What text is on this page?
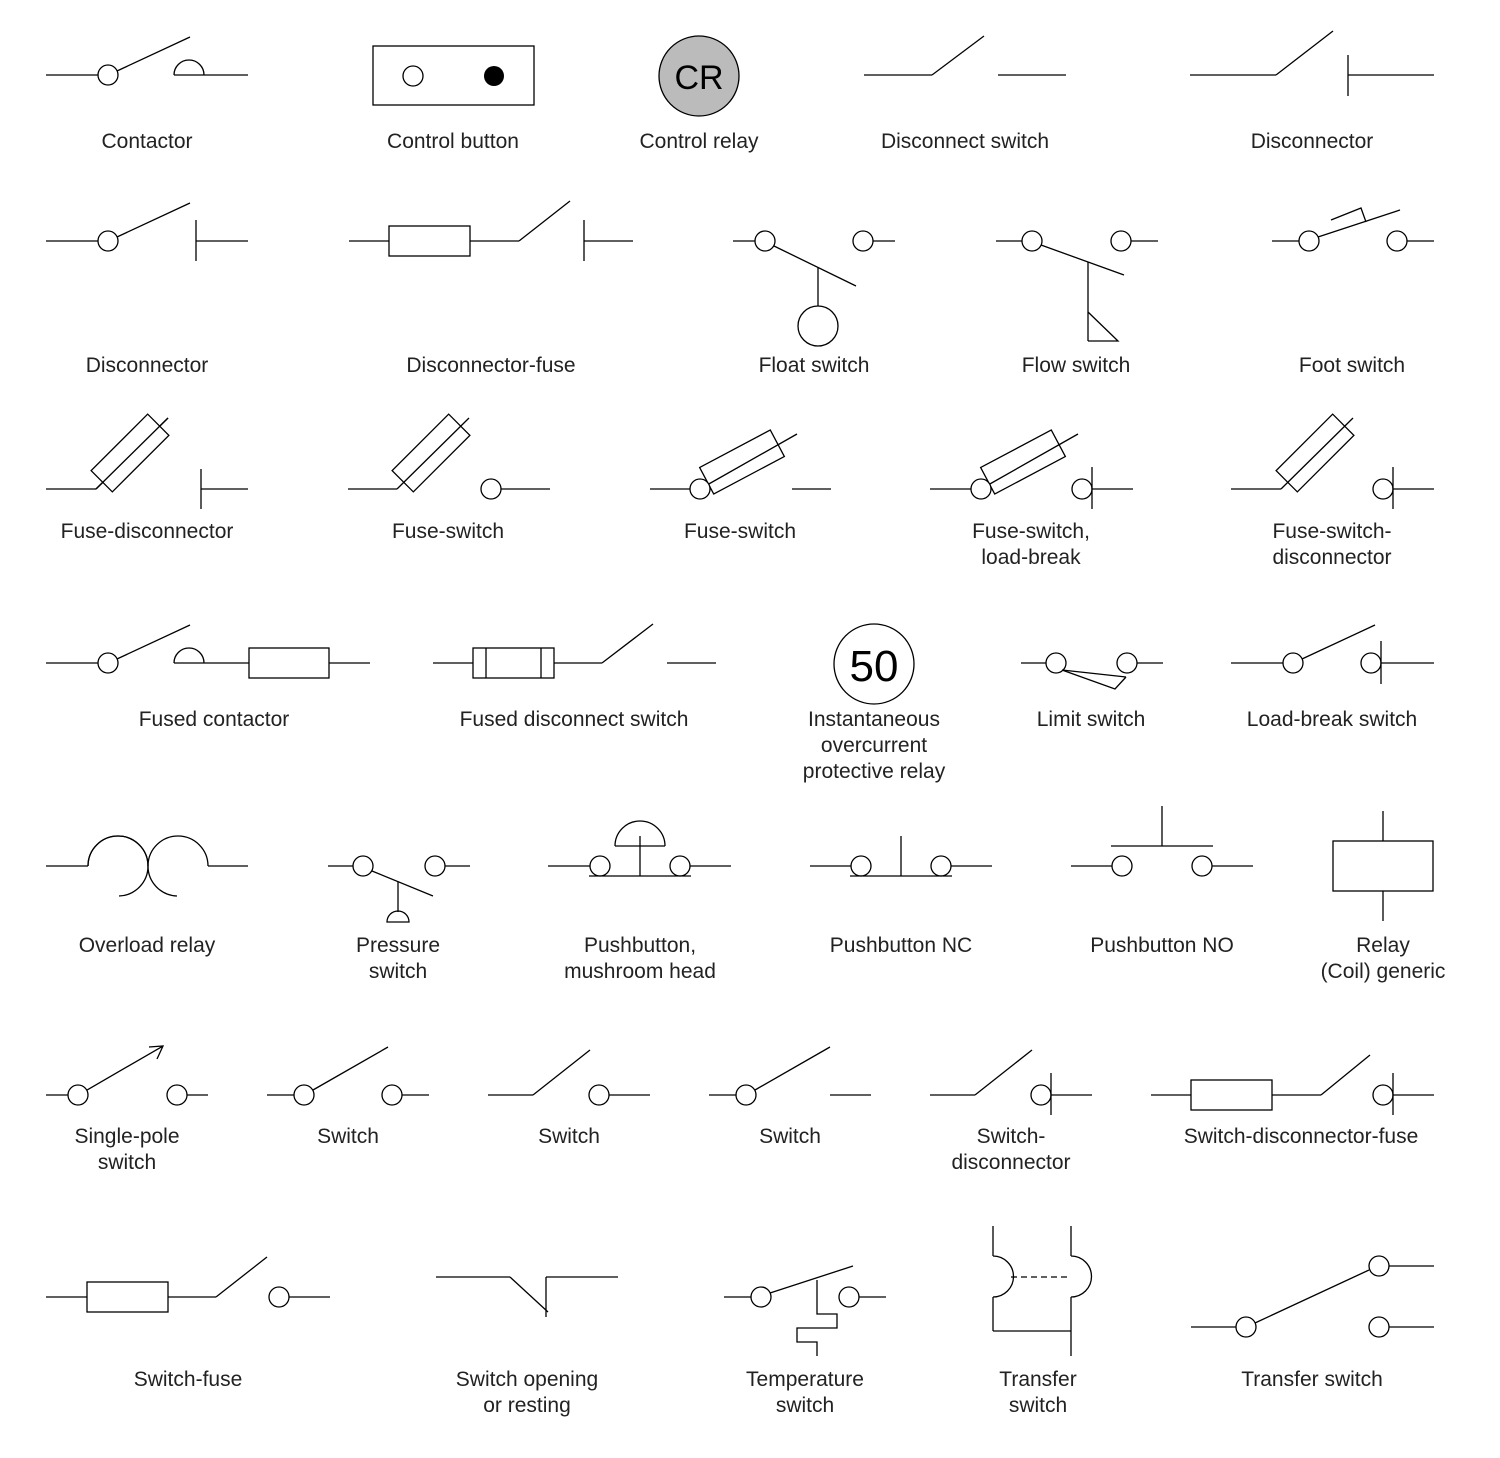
Contactor	Control button
CR
Control relay	Disconnect switch	Disconnector
Disconnector	Disconnector-fuse	Float switch	Flow switch	Foot switch
Fuse-disconnector	Fuse-switch	Fuse-switch	Fuse-switch,
load-break
Fuse-switch-
disconnector
Fused contactor	Fused disconnect switch
50
Instantaneous
overcurrent
protective relay
Limit switch	Load-break switch
Overload relay	Pressure
switch
Pushbutton,
mushroom head
Pushbutton NC	Pushbutton NO	Relay
(Coil) generic
Single-pole
switch
Switch	Switch	Switch	Switch-
disconnector
Switch-disconnector-fuse
Switch-fuse	Switch opening
or resting
Temperature
switch
Transfer
switch
Transfer switch
